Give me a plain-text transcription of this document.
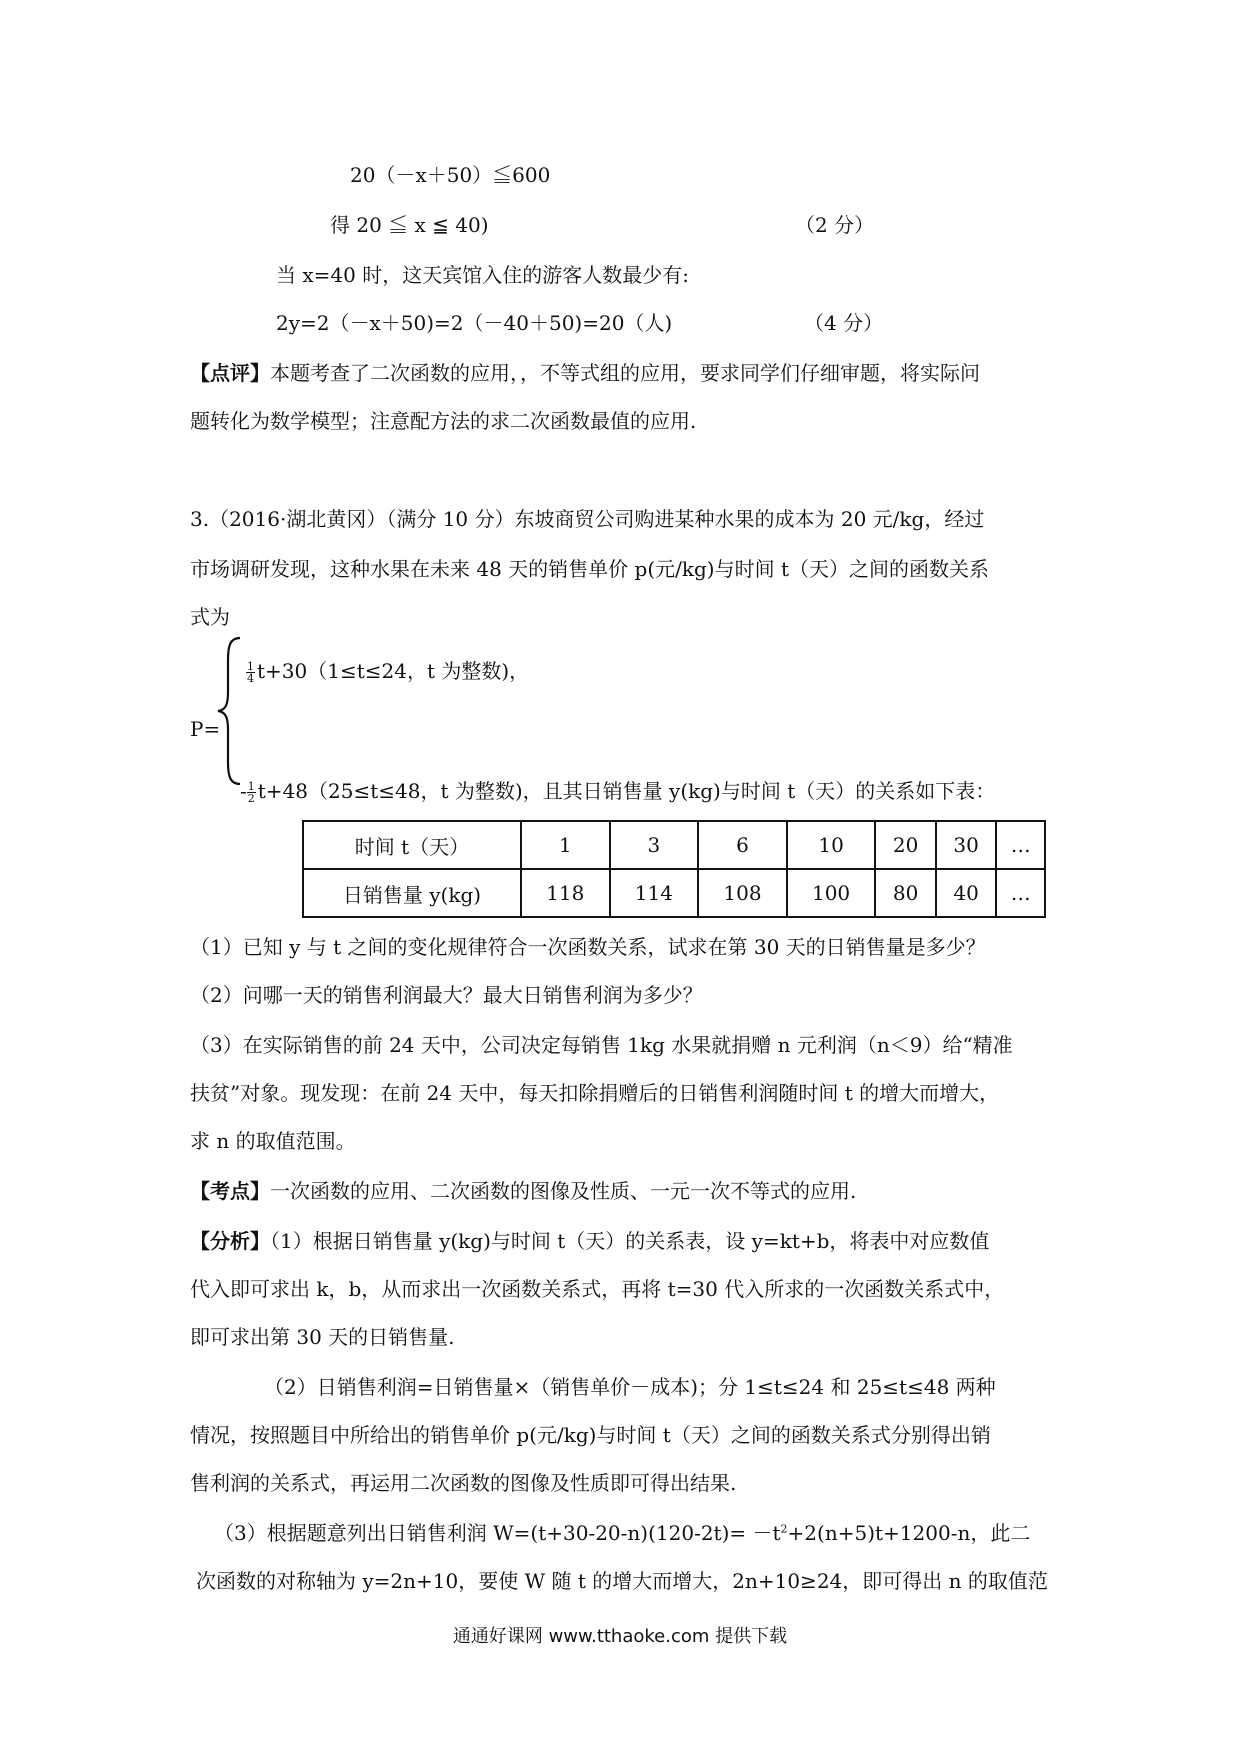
20（－x＋50）≦600

得 20 ≦ x ≦ 40)	（2 分）

当 x=40 时，这天宾馆入住的游客人数最少有:

2y=2（－x＋50)=2（－40＋50)=20（人)	（4 分）

【点评】本题考查了二次函数的应用，，不等式组的应用，要求同学们仔细审题，将实际问

题转化为数学模型；注意配方法的求二次函数最值的应用.

3.（2016·湖北黄冈）（满分 10 分）东坡商贸公司购进某种水果的成本为 20 元/kg，经过

市场调研发现，这种水果在未来 48 天的销售单价 p(元/kg)与时间 t（天）之间的函数关系

式为

P=

$\frac{1}{4} t+30(1\le t\le 24$，t 为整数)，

- $\frac{1}{2} t+48(25\le t\le 48$，t 为整数)，且其日销售量 y(kg)与时间 t（天）的关系如下表：

时间 t（天）	1	3	6	10	20	30	…
日销售量 y(kg)	118	114	108	100	80	40	…

（1）已知 y 与 t 之间的变化规律符合一次函数关系，试求在第 30 天的日销售量是多少？

（2）问哪一天的销售利润最大？最大日销售利润为多少？

（3）在实际销售的前 24 天中，公司决定每销售 1kg 水果就捐赠 n 元利润（n＜9）给“精准

扶贫”对象。现发现：在前 24 天中，每天扣除捐赠后的日销售利润随时间 t 的增大而增大，

求 n 的取值范围。

【考点】一次函数的应用、二次函数的图像及性质、一元一次不等式的应用.

【分析】（1）根据日销售量 y(kg)与时间 t（天）的关系表，设 y=kt+b，将表中对应数值

代入即可求出 k，b，从而求出一次函数关系式，再将 t=30 代入所求的一次函数关系式中，

即可求出第 30 天的日销售量.

（2）日销售利润=日销售量×（销售单价－成本)；分 1≤t≤24 和 25≤t≤48 两种

情况，按照题目中所给出的销售单价 p(元/kg)与时间 t（天）之间的函数关系式分别得出销

售利润的关系式，再运用二次函数的图像及性质即可得出结果.

（3）根据题意列出日销售利润 $W=(t+30-20-n)(120-2t)= -t^2+2(n+5)t+1200-n$，此二

次函数的对称轴为 y=2n+10，要使 W 随 t 的增大而增大，2n+10≥24，即可得出 n 的取值范

通通好课网 www.tthaoke.com 提供下载
